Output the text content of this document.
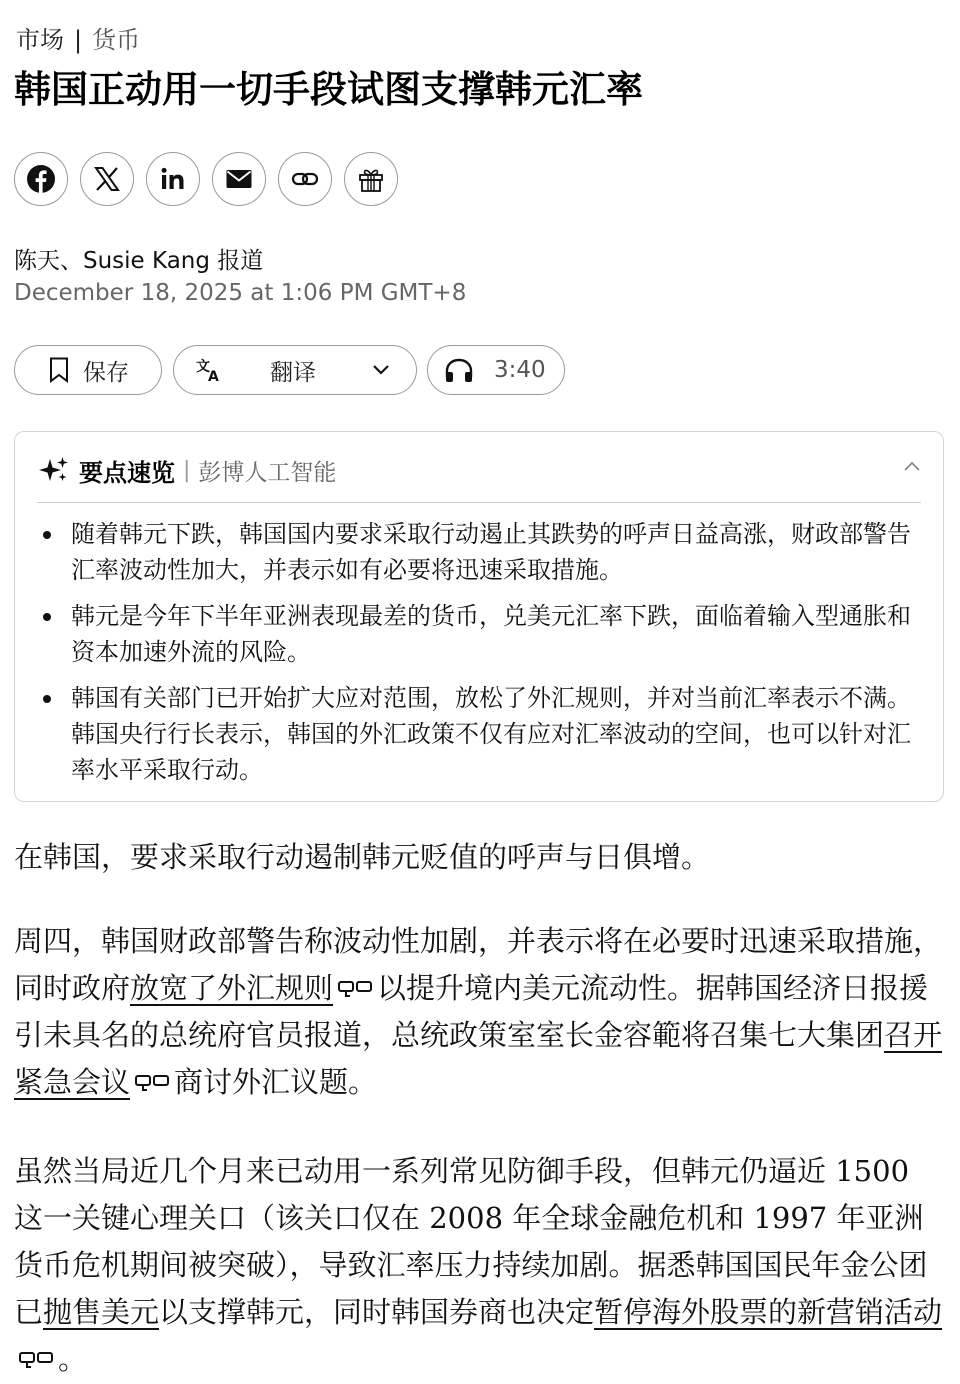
市场 | 货币
韩国正动用一切手段试图支撑韩元汇率
陈天、Susie Kang 报道
December 18, 2025 at 1:06 PM GMT+8
保存	文
A 翻译	3:40
要点速览 | 彭博人工智能
随着韩元下跌，韩国国内要求采取行动遏止其跌势的呼声日益高涨，财政部警告汇率波动性加大，并表示如有必要将迅速采取措施。
韩元是今年下半年亚洲表现最差的货币，兑美元汇率下跌，面临着输入型通胀和资本加速外流的风险。
韩国有关部门已开始扩大应对范围，放松了外汇规则，并对当前汇率表示不满。韩国央行行长表示，韩国的外汇政策不仅有应对汇率波动的空间，也可以针对汇率水平采取行动。

在韩国，要求采取行动遏制韩元贬值的呼声与日俱增。

周四，韩国财政部警告称波动性加剧，并表示将在必要时迅速采取措施，同时政府放宽了外汇规则 以提升境内美元流动性。据韩国经济日报援引未具名的总统府官员报道，总统政策室室长金容範将召集七大集团召开紧急会议 商讨外汇议题。

虽然当局近几个月来已动用一系列常见防御手段，但韩元仍逼近 1500 这一关键心理关口（该关口仅在 2008 年全球金融危机和 1997 年亚洲货币危机期间被突破），导致汇率压力持续加剧。据悉韩国国民年金公团已抛售美元以支撑韩元，同时韩国券商也决定暂停海外股票的新营销活动。
